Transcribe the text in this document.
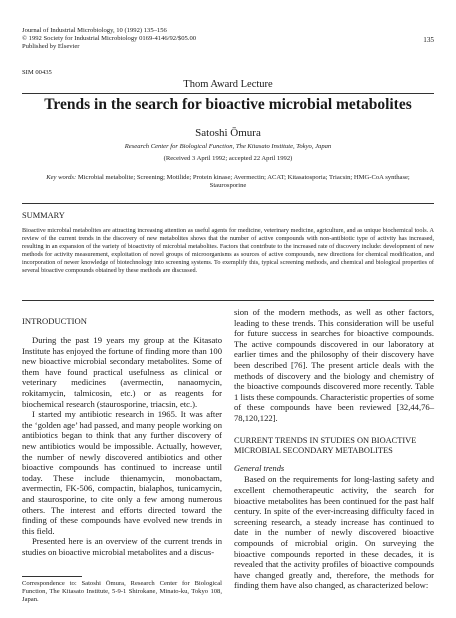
Journal of Industrial Microbiology, 10 (1992) 135–156
© 1992 Society for Industrial Microbiology 0169-4146/92/$05.00
Published by Elsevier
135
SIM 00435
Thom Award Lecture
Trends in the search for bioactive microbial metabolites
Satoshi Ōmura
Research Center for Biological Function, The Kitasato Institute, Tokyo, Japan
(Received 3 April 1992; accepted 22 April 1992)
Key words: Microbial metabolite; Screening; Motilide; Protein kinase; Avermectin; ACAT; Kitasatosporia; Triacsin; HMG-CoA synthase; Staurosporine
SUMMARY
Bioactive microbial metabolites are attracting increasing attention as useful agents for medicine, veterinary medicine, agriculture, and as unique biochemical tools. A review of the current trends in the discovery of new metabolites shows that the number of active compounds with non-antibiotic type of activity has increased, resulting in an expansion of the variety of bioactivity of microbial metabolites. Factors that contribute to the increased rate of discovery include: development of new methods for activity measurement, exploitation of novel groups of microorganisms as sources of active compounds, new directions for chemical modification, and incorporation of newer knowledge of biotechnology into screening systems. To exemplify this, typical screening methods, and chemical and biological properties of several bioactive compounds obtained by these methods are discussed.
INTRODUCTION

During the past 19 years my group at the Kitasato Institute has enjoyed the fortune of finding more than 100 new bioactive microbial secondary metabolites. Some of them have found practical usefulness as clinical or veterinary medicines (avermectin, nanaomycin, rokitamycin, talmicosin, etc.) or as reagents for biochemical research (staurosporine, triacsin, etc.).

I started my antibiotic research in 1965. It was after the ‘golden age’ had passed, and many people working on antibiotics began to think that any further discovery of new antibiotics would be impossible. Actually, however, the number of newly discovered antibiotics and other bioactive compounds has continued to increase until today. These include thienamycin, monobactam, avermectin, FK-506, compactin, bialaphos, tunicamycin, and staurosporine, to cite only a few among numerous others. The interest and efforts directed toward the finding of these compounds have evolved new trends in this field.

Presented here is an overview of the current trends in studies on bioactive microbial metabolites and a discus-

Correspondence to: Satoshi Ōmura, Research Center for Biological Function, The Kitasato Institute, 5-9-1 Shirokane, Minato-ku, Tokyo 108, Japan.

sion of the modern methods, as well as other factors, leading to these trends. This consideration will be useful for future success in searches for bioactive compounds. The active compounds discovered in our laboratory at earlier times and the philosophy of their discovery have been described [76]. The present article deals with the methods of discovery and the biology and chemistry of the bioactive compounds discovered more recently. Table 1 lists these compounds. Characteristic properties of some of these compounds have been reviewed [32,44,76–78,120,122].

CURRENT TRENDS IN STUDIES ON BIOACTIVE MICROBIAL SECONDARY METABOLITES
General trends

Based on the requirements for long-lasting safety and excellent chemotherapeutic activity, the search for bioactive metabolites has been continued for the past half century. In spite of the ever-increasing difficulty faced in screening research, a steady increase has continued to date in the number of newly discovered bioactive compounds of microbial origin. On surveying the bioactive compounds reported in these decades, it is revealed that the activity profiles of bioactive compounds have changed greatly and, therefore, the methods for finding them have also changed, as characterized below:
